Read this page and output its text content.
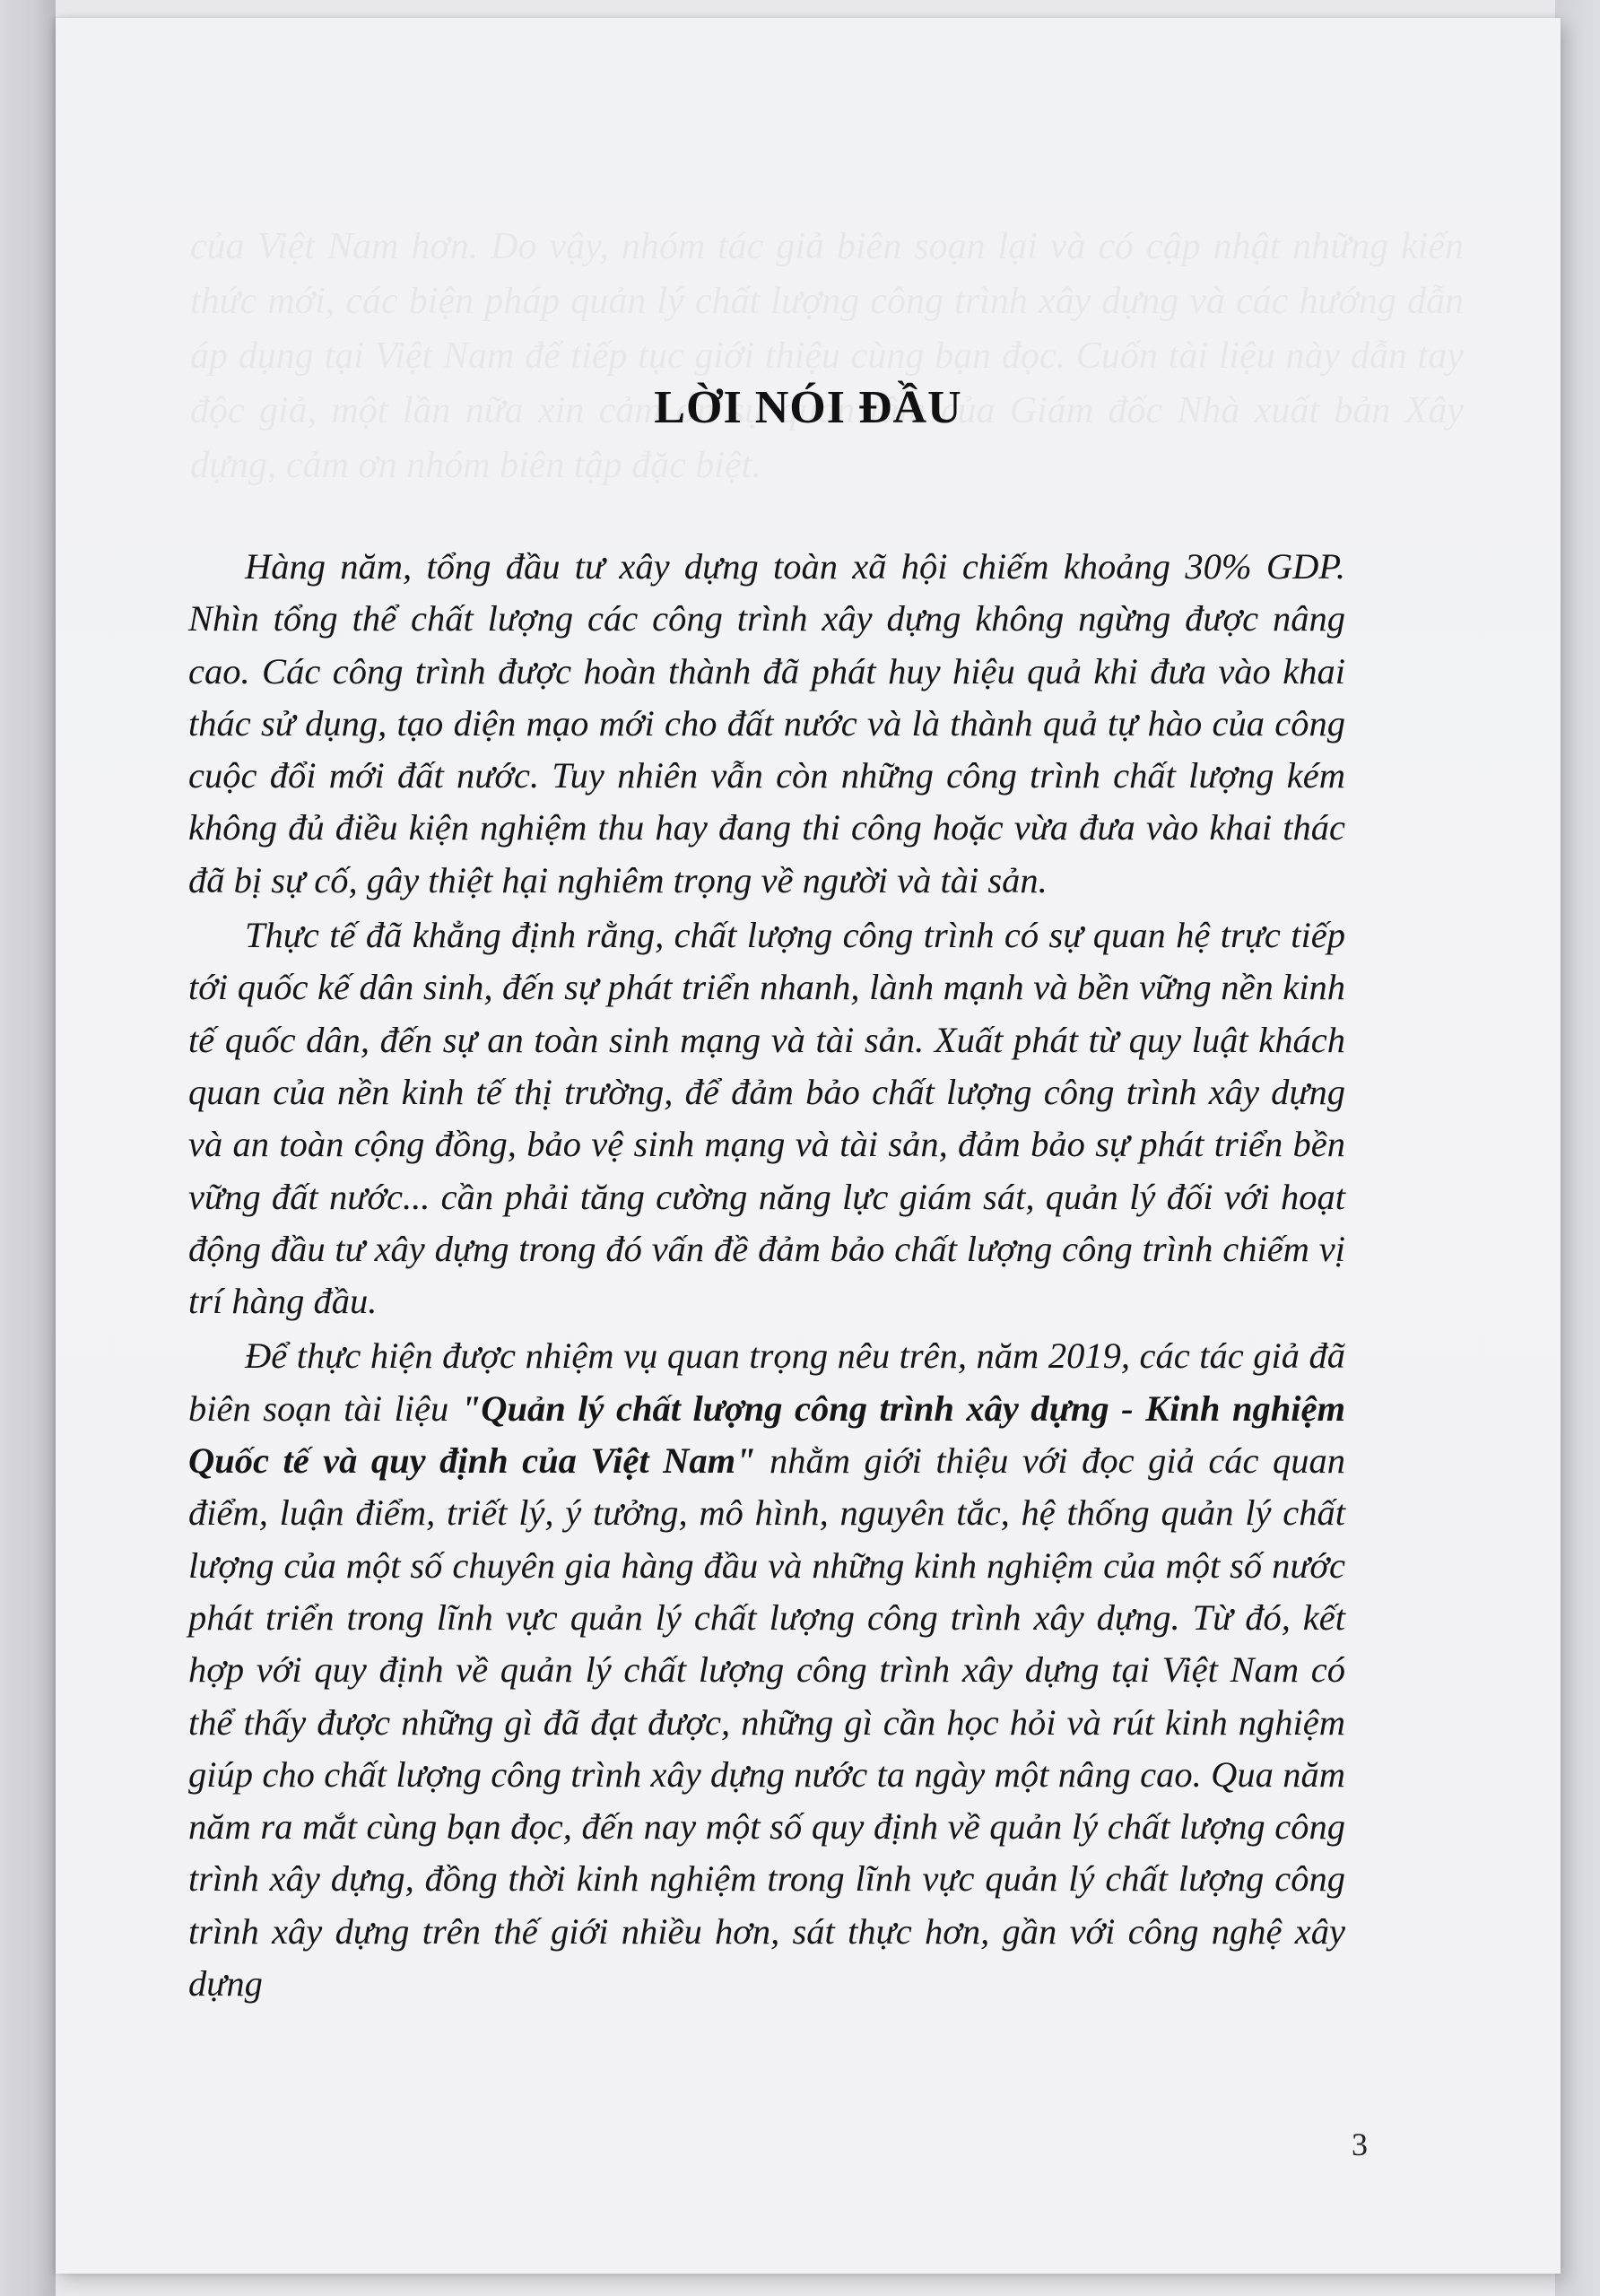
LỜI NÓI ĐẦU

Hàng năm, tổng đầu tư xây dựng toàn xã hội chiếm khoảng 30% GDP. Nhìn tổng thể chất lượng các công trình xây dựng không ngừng được nâng cao. Các công trình được hoàn thành đã phát huy hiệu quả khi đưa vào khai thác sử dụng, tạo diện mạo mới cho đất nước và là thành quả tự hào của công cuộc đổi mới đất nước. Tuy nhiên vẫn còn những công trình chất lượng kém không đủ điều kiện nghiệm thu hay đang thi công hoặc vừa đưa vào khai thác đã bị sự cố, gây thiệt hại nghiêm trọng về người và tài sản.

Thực tế đã khẳng định rằng, chất lượng công trình có sự quan hệ trực tiếp tới quốc kế dân sinh, đến sự phát triển nhanh, lành mạnh và bền vững nền kinh tế quốc dân, đến sự an toàn sinh mạng và tài sản. Xuất phát từ quy luật khách quan của nền kinh tế thị trường, để đảm bảo chất lượng công trình xây dựng và an toàn cộng đồng, bảo vệ sinh mạng và tài sản, đảm bảo sự phát triển bền vững đất nước... cần phải tăng cường năng lực giám sát, quản lý đối với hoạt động đầu tư xây dựng trong đó vấn đề đảm bảo chất lượng công trình chiếm vị trí hàng đầu.

Để thực hiện được nhiệm vụ quan trọng nêu trên, năm 2019, các tác giả đã biên soạn tài liệu "Quản lý chất lượng công trình xây dựng - Kinh nghiệm Quốc tế và quy định của Việt Nam" nhằm giới thiệu với đọc giả các quan điểm, luận điểm, triết lý, ý tưởng, mô hình, nguyên tắc, hệ thống quản lý chất lượng của một số chuyên gia hàng đầu và những kinh nghiệm của một số nước phát triển trong lĩnh vực quản lý chất lượng công trình xây dựng. Từ đó, kết hợp với quy định về quản lý chất lượng công trình xây dựng tại Việt Nam có thể thấy được những gì đã đạt được, những gì cần học hỏi và rút kinh nghiệm giúp cho chất lượng công trình xây dựng nước ta ngày một nâng cao. Qua năm năm ra mắt cùng bạn đọc, đến nay một số quy định về quản lý chất lượng công trình xây dựng, đồng thời kinh nghiệm trong lĩnh vực quản lý chất lượng công trình xây dựng trên thế giới nhiều hơn, sát thực hơn, gần với công nghệ xây dựng

3
